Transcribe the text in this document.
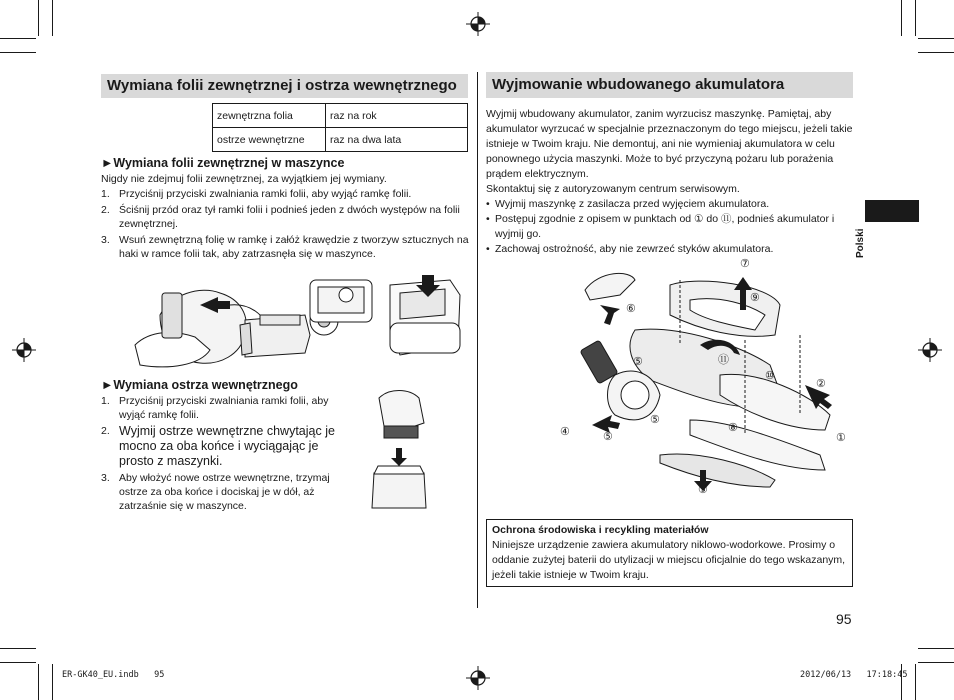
Wymiana folii zewnętrznej i ostrza wewnętrznego
zewnętrzna folia	raz na rok
ostrze wewnętrzne	raz na dwa lata
►Wymiana folii zewnętrznej w maszynce
Nigdy nie zdejmuj folii zewnętrznej, za wyjątkiem jej wymiany.
1. Przyciśnij przyciski zwalniania ramki folii, aby wyjąć ramkę folii.
2. Ściśnij przód oraz tył ramki folii i podnieś jeden z dwóch występów na folii zewnętrznej.
3. Wsuń zewnętrzną folię w ramkę i załóż krawędzie z tworzyw sztucznych na haki w ramce folii tak, aby zatrzasnęła się w maszynce.
►Wymiana ostrza wewnętrznego
1. Przyciśnij przyciski zwalniania ramki folii, aby wyjąć ramkę folii.
2. Wyjmij ostrze wewnętrzne chwytając je mocno za oba końce i wyciągając je prosto z maszynki.
3. Aby włożyć nowe ostrze wewnętrzne, trzymaj ostrze za oba końce i dociskaj je w dół, aż zatrzaśnie się w maszynce.
Wyjmowanie wbudowanego akumulatora
Wyjmij wbudowany akumulator, zanim wyrzucisz maszynkę. Pamiętaj, aby akumulator wyrzucać w specjalnie przeznaczonym do tego miejscu, jeżeli takie istnieje w Twoim kraju. Nie demontuj, ani nie wymieniaj akumulatora w celu ponownego użycia maszynki. Może to być przyczyną pożaru lub porażenia prądem elektrycznym.
Skontaktuj się z autoryzowanym centrum serwisowym.
• Wyjmij maszynkę z zasilacza przed wyjęciem akumulatora.
• Postępuj zgodnie z opisem w punktach od ① do ⑪, podnieś akumulator i wyjmij go.
• Zachowaj ostrożność, aby nie zewrzeć styków akumulatora.
①
②
③
④
⑤
⑤
⑤
⑥
⑦
⑧
⑨
⑩
⑪
Ochrona środowiska i recykling materiałów
Niniejsze urządzenie zawiera akumulatory niklowo-wodorkowe. Prosimy o oddanie zużytej baterii do utylizacji w miejscu oficjalnie do tego wskazanym, jeżeli takie istnieje w Twoim kraju.
Polski
95
ER-GK40_EU.indb   95	2012/06/13   17:18:45
